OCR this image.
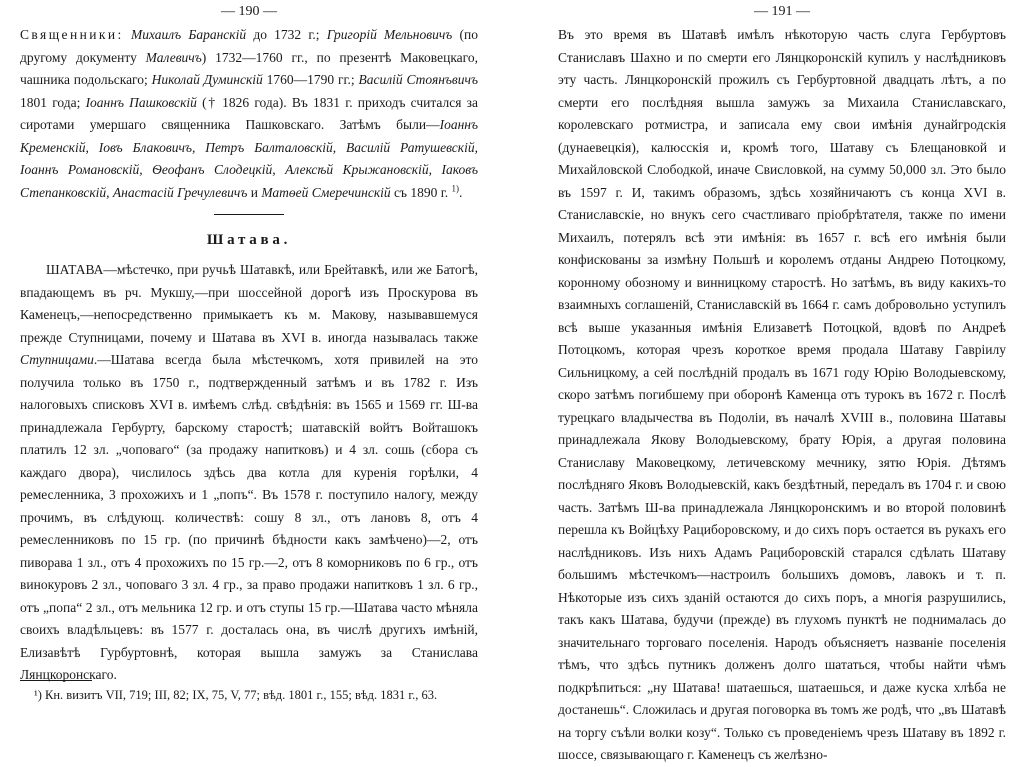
— 190 —

Священники: Михаилъ Баранскій до 1732 г.; Григорій Мельновичъ (по другому документу Малевичъ) 1732—1760 гг., по презентѣ Маковецкаго, чашника подольскаго; Николай Думинскій 1760—1790 гг.; Василій Стоянъвичъ 1801 года; Іоаннъ Пашковскій († 1826 года). Въ 1831 г. приходъ считался за сиротами умершаго священника Пашковскаго. Затѣмъ были—Іоаннъ Кременскій, Іовъ Блаковичъ, Петръ Балталовскій, Василій Ратушевскій, Іоаннъ Романовскій, Ѳеофанъ Слодецкій, Алексѣй Крыжановскій, Іаковъ Степанковскій, Анастасій Гречулевичъ и Матѳей Смеречинскій съ 1890 г. $^{1)}$.

Шатава.

ШАТАВА—мѣстечко, при ручьѣ Шатавкѣ, или Брейтавкѣ, или же Батогѣ, впадающемъ въ рч. Мукшу,—при шоссейной дорогѣ изъ Проскурова въ Каменецъ,—непосредственно примыкаетъ къ м. Макову, называвшемуся прежде Ступницами, почему и Шатава въ XVI в. иногда называлась также Ступницами.—Шатава всегда была мѣстечкомъ, хотя привилей на это получила только въ 1750 г., подтвержденный затѣмъ и въ 1782 г. Изъ налоговыхъ списковъ XVI в. имѣемъ слѣд. свѣдѣнія: въ 1565 и 1569 гг. Ш-ва принадлежала Гербурту, барскому старостѣ; шатавскій войтъ Войташокъ платилъ 12 зл. „чоповаго“ (за продажу напитковъ) и 4 зл. сошь (сбора съ каждаго двора), числилось здѣсь два котла для куренія горѣлки, 4 ремесленника, 3 прохожихъ и 1 „попъ“. Въ 1578 г. поступило налогу, между прочимъ, въ слѣдующ. количествѣ: сошу 8 зл., отъ лановъ 8, отъ 4 ремесленниковъ по 15 гр. (по причинѣ бѣдности какъ замѣчено)—2, отъ пиворава 1 зл., отъ 4 прохожихъ по 15 гр.—2, отъ 8 коморниковъ по 6 гр., отъ винокуровъ 2 зл., чоповаго 3 зл. 4 гр., за право продажи напитковъ 1 зл. 6 гр., отъ „попа“ 2 зл., отъ мельника 12 гр. и отъ ступы 15 гр.—Шатава часто мѣняла своихъ владѣльцевъ: въ 1577 г. досталась она, въ числѣ другихъ имѣній, Елизавѣтѣ Гурбуртовнѣ, которая вышла замужъ за Станислава Лянцкоронскаго.

¹) Кн. визитъ VII, 719; III, 82; IX, 75, V, 77; вѣд. 1801 г., 155; вѣд. 1831 г., 63.

— 191 —

Въ это время въ Шатавѣ имѣлъ нѣкоторую часть слуга Гербуртовъ Станиславъ Шахно и по смерти его Лянцкоронскій купилъ у наслѣдниковъ эту часть. Лянцкоронскій прожилъ съ Гербуртовной двадцать лѣтъ, а по смерти его послѣдняя вышла замужъ за Михаила Станиславскаго, королевскаго ротмистра, и записала ему свои имѣнія дунайгродскія (дунаевецкія), калюсскія и, кромѣ того, Шатаву съ Блещановкой и Михайловской Слободкой, иначе Свисловкой, на сумму 50,000 зл. Это было въ 1597 г. И, такимъ образомъ, здѣсь хозяйничаютъ съ конца XVI в. Станиславскіе, но внукъ сего счастливаго пріобрѣтателя, также по имени Михаилъ, потерялъ всѣ эти имѣнія: въ 1657 г. всѣ его имѣнія были конфискованы за измѣну Польшѣ и королемъ отданы Андрею Потоцкому, коронному обозному и винницкому старостѣ. Но затѣмъ, въ виду какихъ-то взаимныхъ соглашеній, Станиславскій въ 1664 г. самъ добровольно уступилъ всѣ выше указанныя имѣнія Елизаветѣ Потоцкой, вдовѣ по Андреѣ Потоцкомъ, которая чрезъ короткое время продала Шатаву Гавріилу Сильницкому, а сей послѣдній продалъ въ 1671 году Юрію Володыевскому, скоро затѣмъ погибшему при оборонѣ Каменца отъ турокъ въ 1672 г. Послѣ турецкаго владычества въ Подоліи, въ началѣ XVIII в., половина Шатавы принадлежала Якову Володыевскому, брату Юрія, а другая половина Станиславу Маковецкому, летичевскому мечнику, зятю Юрія. Дѣтямъ послѣдняго Яковъ Володыевскій, какъ бездѣтный, передалъ въ 1704 г. и свою часть. Затѣмъ Ш-ва принадлежала Лянцкоронскимъ и во второй половинѣ перешла къ Войцѣху Рациборовскому, и до сихъ поръ остается въ рукахъ его наслѣдниковъ. Изъ нихъ Адамъ Рациборовскій старался сдѣлать Шатаву большимъ мѣстечкомъ—настроилъ большихъ домовъ, лавокъ и т. п. Нѣкоторые изъ сихъ зданій остаются до сихъ поръ, а многія разрушились, такъ какъ Шатава, будучи (прежде) въ глухомъ пунктѣ не поднималась до значительнаго торговаго поселенія. Народъ объясняетъ названіе поселенія тѣмъ, что здѣсь путникъ долженъ долго шататься, чтобы найти чѣмъ подкрѣпиться: „ну Шатава! шатаешься, шатаешься, и даже куска хлѣба не достанешь“. Сложилась и другая поговорка въ томъ же родѣ, что „въ Шатавѣ на торгу съѣли волки козу“. Только съ проведеніемъ чрезъ Шатаву въ 1892 г. шоссе, связывающаго г. Каменецъ съ желѣзно-
